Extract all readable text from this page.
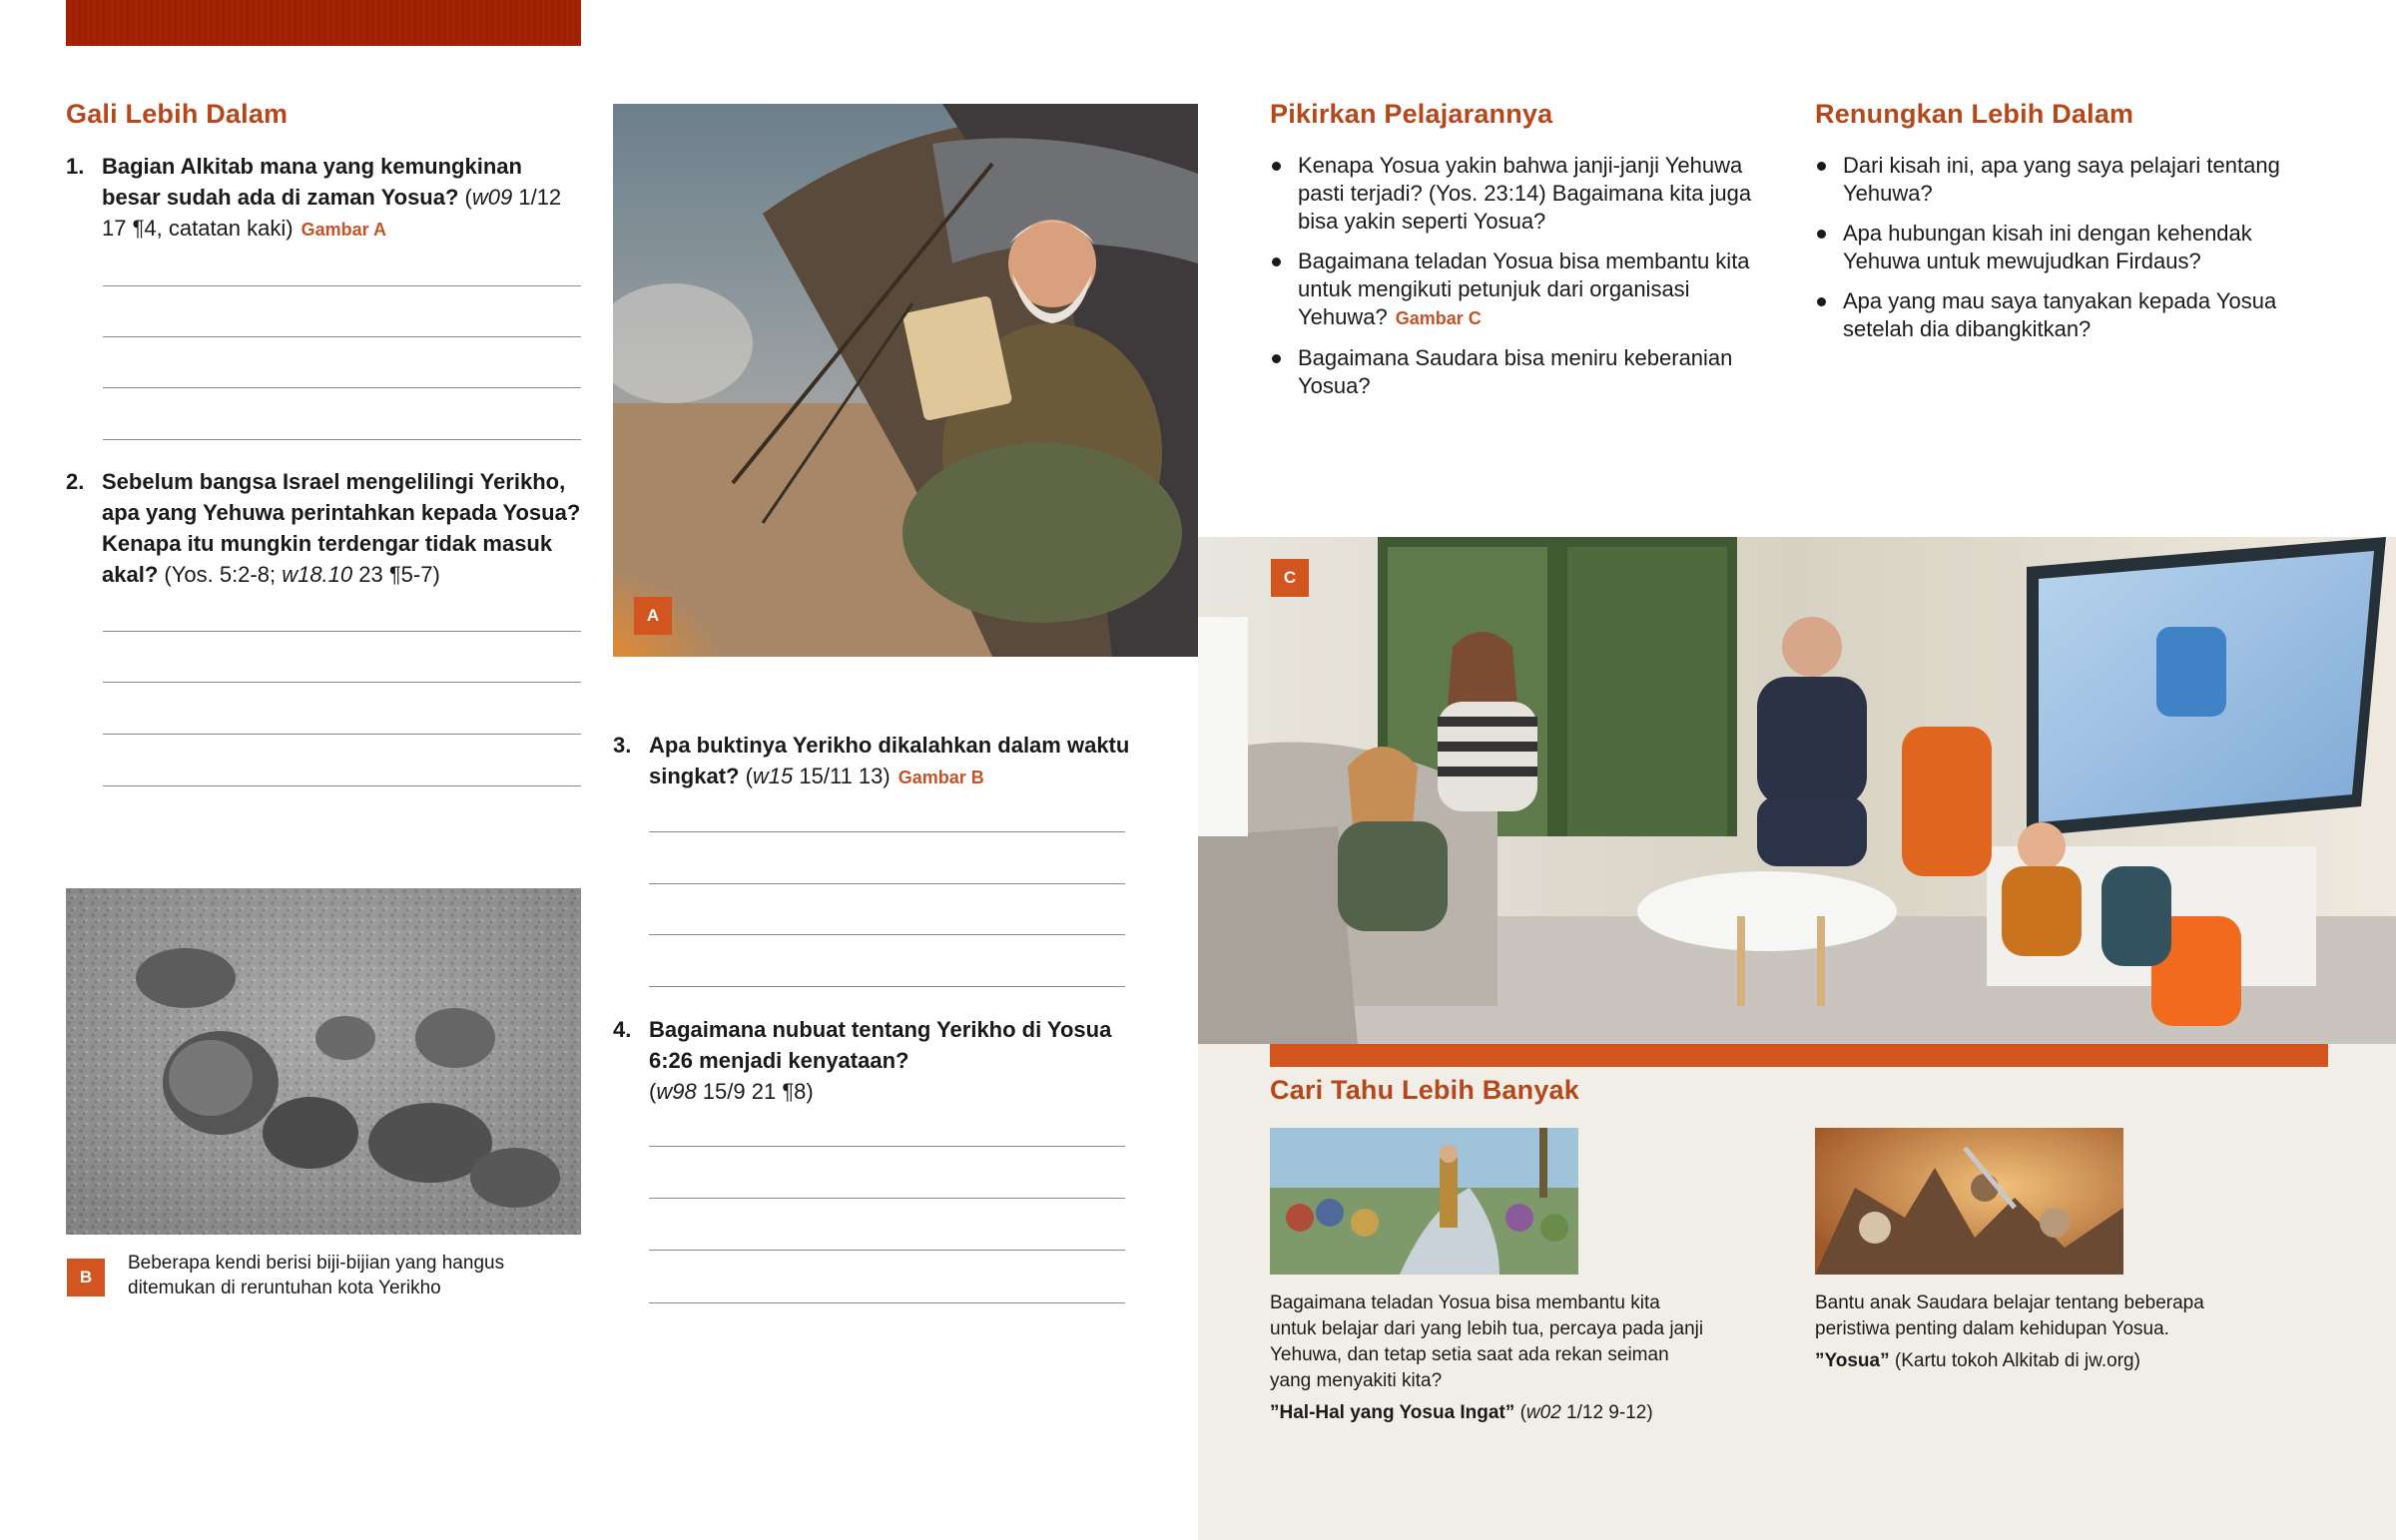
Gali Lebih Dalam
1. Bagian Alkitab mana yang kemungkinan besar sudah ada di zaman Yosua? (w09 1/12 17 ¶4, catatan kaki) Gambar A
2. Sebelum bangsa Israel mengelilingi Yerikho, apa yang Yehuwa perintahkan kepada Yosua? Kenapa itu mungkin terdengar tidak masuk akal? (Yos. 5:2-8; w18.10 23 ¶5-7)
B
Beberapa kendi berisi biji-bijian yang hangus ditemukan di reruntuhan kota Yerikho
A
3. Apa buktinya Yerikho dikalahkan dalam waktu singkat? (w15 15/11 13) Gambar B
4. Bagaimana nubuat tentang Yerikho di Yosua 6:26 menjadi kenyataan?
(w98 15/9 21 ¶8)
Pikirkan Pelajarannya
Kenapa Yosua yakin bahwa janji-janji Yehuwa pasti terjadi? (Yos. 23:14) Bagaimana kita juga bisa yakin seperti Yosua?
Bagaimana teladan Yosua bisa membantu kita untuk mengikuti petunjuk dari organisasi Yehuwa? Gambar C
Bagaimana Saudara bisa meniru keberanian Yosua?
Renungkan Lebih Dalam
Dari kisah ini, apa yang saya pelajari tentang Yehuwa?
Apa hubungan kisah ini dengan kehendak Yehuwa untuk mewujudkan Firdaus?
Apa yang mau saya tanyakan kepada Yosua setelah dia dibangkitkan?
C
Cari Tahu Lebih Banyak
Bagaimana teladan Yosua bisa membantu kita untuk belajar dari yang lebih tua, percaya pada janji Yehuwa, dan tetap setia saat ada rekan seiman yang menyakiti kita?
”Hal-Hal yang Yosua Ingat” (w02 1/12 9-12)
Bantu anak Saudara belajar tentang beberapa peristiwa penting dalam kehidupan Yosua.
”Yosua” (Kartu tokoh Alkitab di jw.org)
